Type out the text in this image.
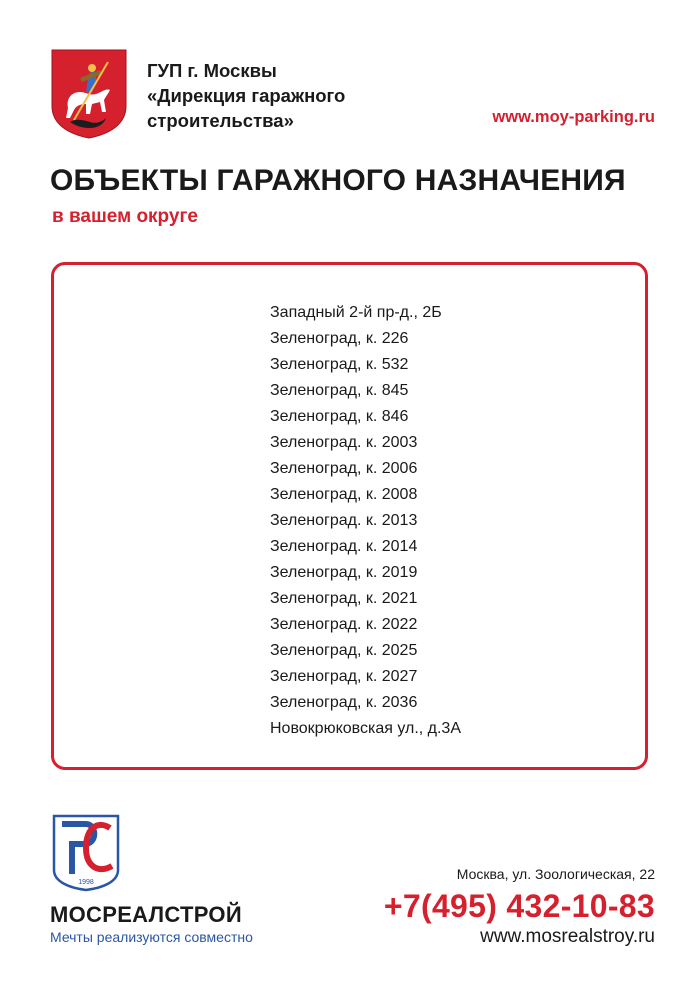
ГУП г. Москвы
«Дирекция гаражного
строительства»	www.moy-parking.ru
ОБЪЕКТЫ ГАРАЖНОГО НАЗНАЧЕНИЯ
в вашем округе
Западный 2-й пр-д., 2Б
Зеленоград, к. 226
Зеленоград, к. 532
Зеленоград, к. 845
Зеленоград, к. 846
Зеленоград. к. 2003
Зеленоград, к. 2006
Зеленоград, к. 2008
Зеленоград. к. 2013
Зеленоград. к. 2014
Зеленоград, к. 2019
Зеленоград, к. 2021
Зеленоград. к. 2022
Зеленоград, к. 2025
Зеленоград, к. 2027
Зеленоград, к. 2036
Новокрюковская ул., д.3А
1998
МОСРЕАЛСТРОЙ
Мечты реализуются совместно
Москва, ул. Зоологическая, 22
+7(495) 432-10-83
www.mosrealstroy.ru
